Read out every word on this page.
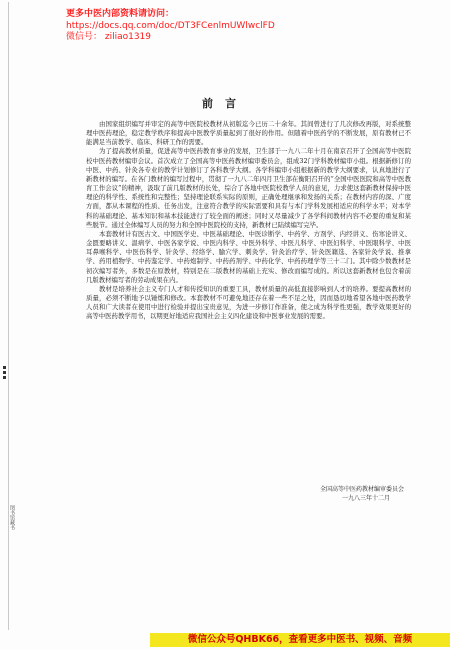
更多中医内部资料请访问：
https://docs.qq.com/doc/DT3FCenlmUWlwclFD
微信号： ziliao1319
前言

由国家组织编写并审定的高等中医院校教材从初版迄今已历二十余年。其间曾进行了几次修改再版，对系统整理中医药理论，稳定教学秩序和提高中医教学质量起到了很好的作用。但随着中医药学的不断发展，原有教材已不能满足当前教学、临床、科研工作的需要。

为了提高教材质量，促进高等中医药教育事业的发展，卫生部于一九八二年十月在南京召开了全国高等中医院校中医药教材编审会议。首次成立了全国高等中医药教材编审委员会，组成32门学科教材编审小组。根据新修订的中医、中药、针灸各专业的教学计划修订了各科教学大纲。各学科编审小组根据新的教学大纲要求，认真地进行了新教材的编写。在各门教材的编写过程中，贯彻了一九八二年四月卫生部在衡阳召开的“全国中医医院和高等中医教育工作会议”的精神，汲取了前几版教材的长处，综合了各地中医院校教学人员的意见，力求使这套新教材保持中医理论的科学性、系统性和完整性；坚持理论联系实际的原则，正确处理继承和发扬的关系；在教材内容的深、广度方面，都从本课程的性质、任务出发，注意符合教学的实际需要和具有与本门学科发展相适应的科学水平；对本学科的基础理论、基本知识和基本技能进行了较全面的阐述；同时又尽量减少了各学科间教材内容不必要的重复和某些脱节。通过全体编写人员的努力和全国中医院校的支持，新教材已陆续编写完毕。

本套教材计有医古文、中国医学史、中医基础理论、中医诊断学、中药学、方剂学、内经讲义、伤寒论讲义、金匮要略讲义、温病学、中医各家学说、中医内科学、中医外科学、中医儿科学、中医妇科学、中医眼科学、中医耳鼻喉科学、中医伤科学、针灸学、经络学、腧穴学、刺灸学、针灸治疗学、针灸医籍选、各家针灸学说、推拿学、药用植物学、中药鉴定学、中药炮制学、中药药剂学、中药化学、中药药理学等三十二门。其中除少数教材是初次编写者外，多数是在原教材，特别是在二版教材的基础上充实、修改而编写成的。所以这套新教材也包含着前几版教材编写者的劳动成果在内。

教材是培养社会主义专门人才和传授知识的重要工具，教材质量的高低直接影响到人才的培养。要提高教材的质量，必须不断地予以锤炼和修改。本套教材不可避免地还存在着一些不足之处，因而恳切地希望各地中医药教学人员和广大读者在使用中进行检验并提出宝贵意见，为进一步修订作准备，使之成为科学性更强，教学效果更好的高等中医药教学用书，以期更好地适应我国社会主义四化建设和中医事业发展的需要。

全国高等中医药教材编审委员会
一九八三年十二月
图书馆藏书
微信公众号QHBK66，查看更多中医书、视频、音频
